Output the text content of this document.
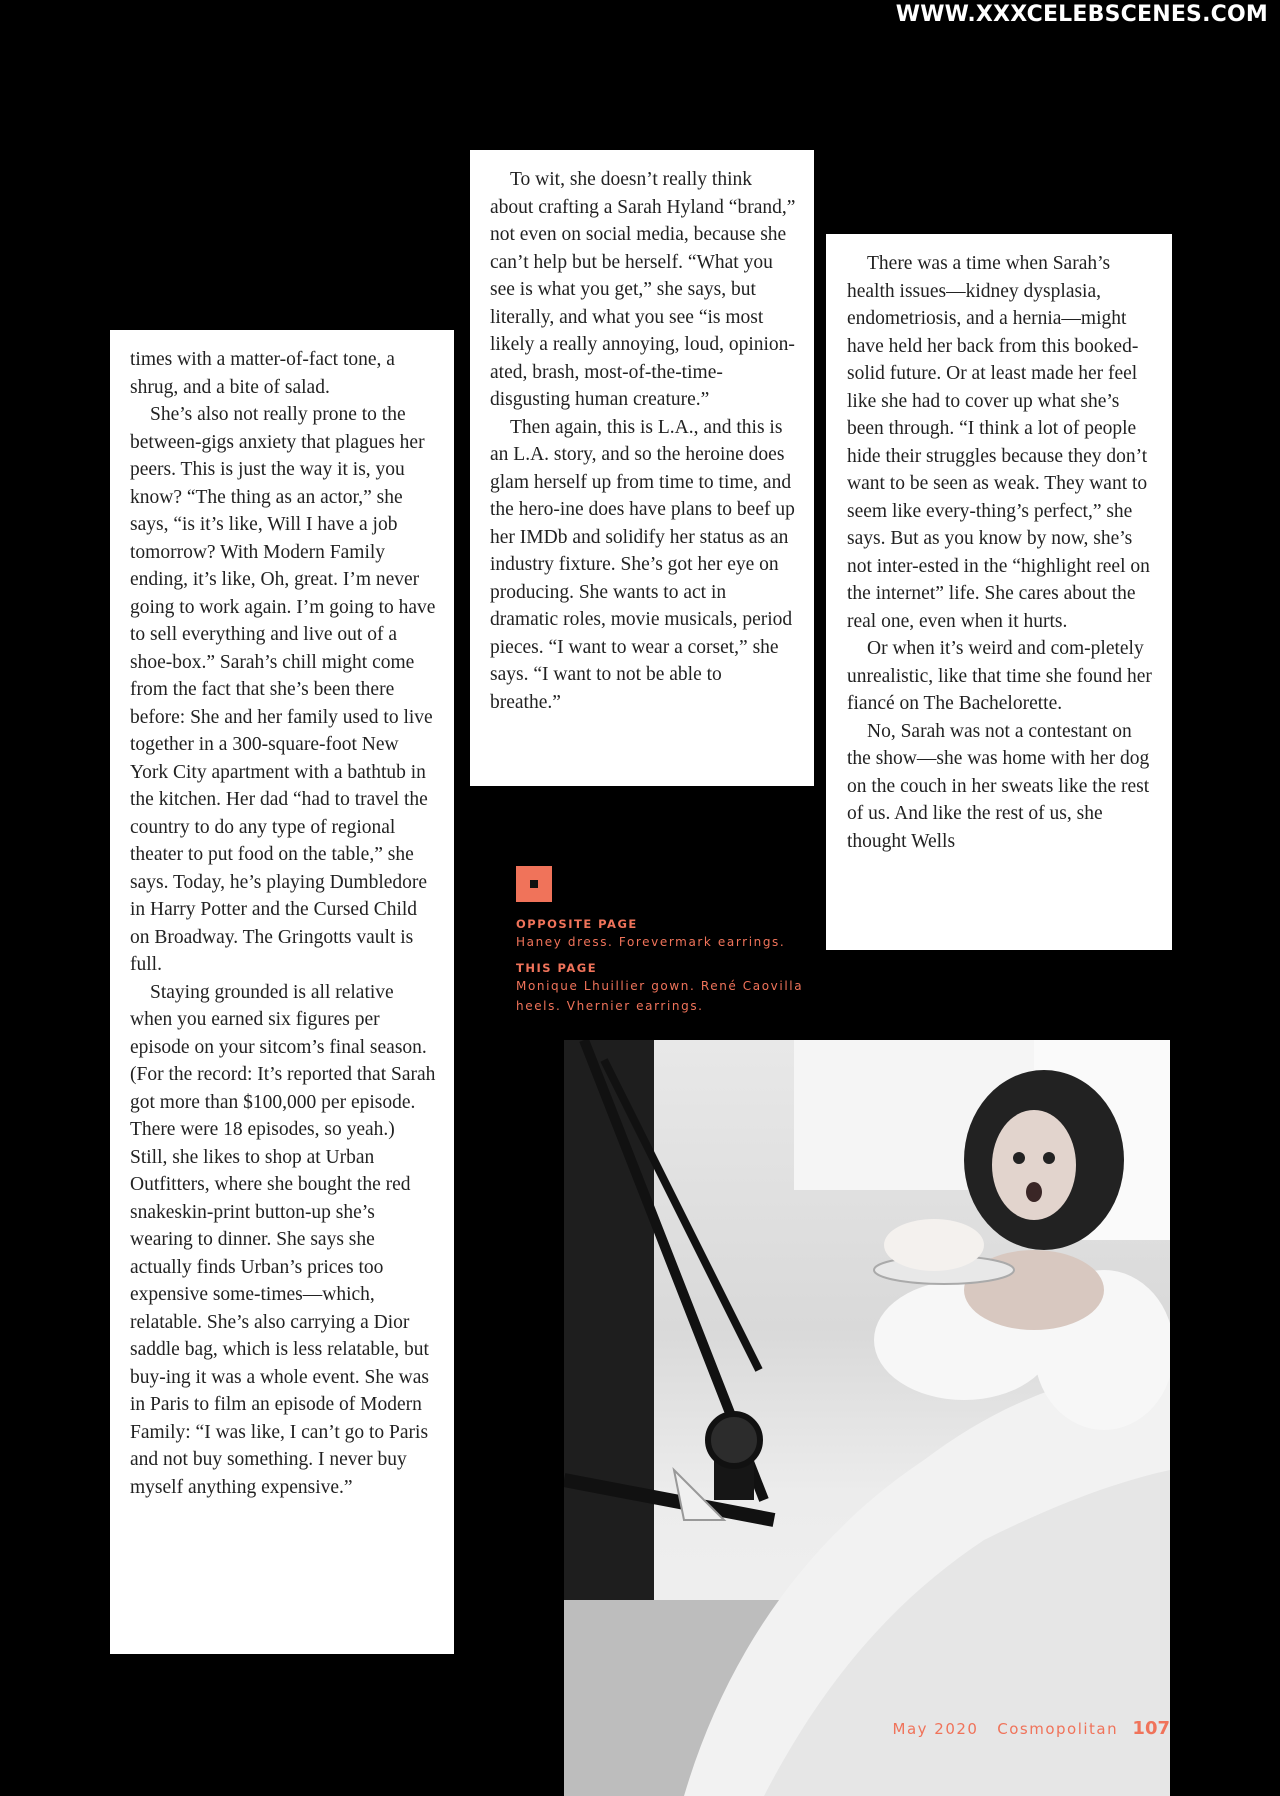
WWW.XXXCELEBSCENES.COM

times with a matter-of-fact tone, a shrug, and a bite of salad.

She’s also not really prone to the between-gigs anxiety that plagues her peers. This is just the way it is, you know? “The thing as an actor,” she says, “is it’s like, Will I have a job tomorrow? With Modern Family ending, it’s like, Oh, great. I’m never going to work again. I’m going to have to sell everything and live out of a shoe-box.” Sarah’s chill might come from the fact that she’s been there before: She and her family used to live together in a 300-square-foot New York City apartment with a bathtub in the kitchen. Her dad “had to travel the country to do any type of regional theater to put food on the table,” she says. Today, he’s playing Dumbledore in Harry Potter and the Cursed Child on Broadway. The Gringotts vault is full.

Staying grounded is all relative when you earned six figures per episode on your sitcom’s final season. (For the record: It’s reported that Sarah got more than $100,000 per episode. There were 18 episodes, so yeah.) Still, she likes to shop at Urban Outfitters, where she bought the red snakeskin-print button-up she’s wearing to dinner. She says she actually finds Urban’s prices too expensive some-times—which, relatable. She’s also carrying a Dior saddle bag, which is less relatable, but buy-ing it was a whole event. She was in Paris to film an episode of Modern Family: “I was like, I can’t go to Paris and not buy something. I never buy myself anything expensive.”

To wit, she doesn’t really think about crafting a Sarah Hyland “brand,” not even on social media, because she can’t help but be herself. “What you see is what you get,” she says, but literally, and what you see “is most likely a really annoying, loud, opinion-ated, brash, most-of-the-time-disgusting human creature.”

Then again, this is L.A., and this is an L.A. story, and so the heroine does glam herself up from time to time, and the hero-ine does have plans to beef up her IMDb and solidify her status as an industry fixture. She’s got her eye on producing. She wants to act in dramatic roles, movie musicals, period pieces. “I want to wear a corset,” she says. “I want to not be able to breathe.”

There was a time when Sarah’s health issues—kidney dysplasia, endometriosis, and a hernia—might have held her back from this booked-solid future. Or at least made her feel like she had to cover up what she’s been through. “I think a lot of people hide their struggles because they don’t want to be seen as weak. They want to seem like every-thing’s perfect,” she says. But as you know by now, she’s not inter-ested in the “highlight reel on the internet” life. She cares about the real one, even when it hurts.

Or when it’s weird and com-pletely unrealistic, like that time she found her fiancé on The Bachelorette.

No, Sarah was not a contestant on the show—she was home with her dog on the couch in her sweats like the rest of us. And like the rest of us, she thought Wells

OPPOSITE PAGE
Haney dress. Forevermark earrings.
THIS PAGE
Monique Lhuillier gown. René Caovilla heels. Vhernier earrings.
May 2020 Cosmopolitan 107
